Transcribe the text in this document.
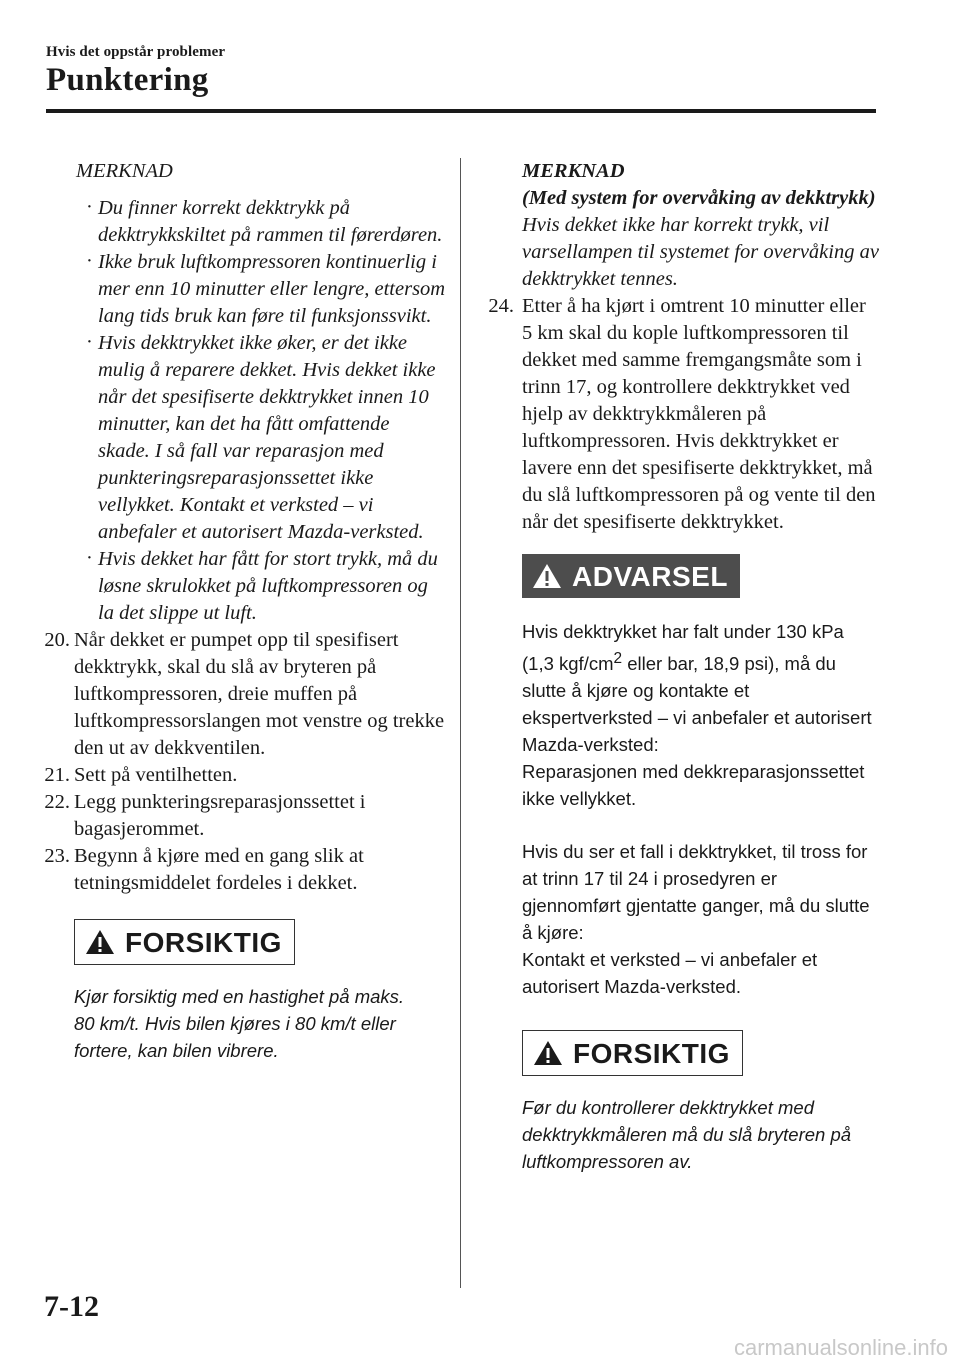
Hvis det oppstår problemer
Punktering
MERKNAD
· Du finner korrekt dekktrykk på dekktrykkskiltet på rammen til førerdøren.
· Ikke bruk luftkompressoren kontinuerlig i mer enn 10 minutter eller lengre, ettersom lang tids bruk kan føre til funksjonssvikt.
· Hvis dekktrykket ikke øker, er det ikke mulig å reparere dekket. Hvis dekket ikke når det spesifiserte dekktrykket innen 10 minutter, kan det ha fått omfattende skade. I så fall var reparasjon med punkteringsreparasjonssettet ikke vellykket. Kontakt et verksted – vi anbefaler et autorisert Mazda-verksted.
· Hvis dekket har fått for stort trykk, må du løsne skrulokket på luftkompressoren og la det slippe ut luft.
20. Når dekket er pumpet opp til spesifisert dekktrykk, skal du slå av bryteren på luftkompressoren, dreie muffen på luftkompressorslangen mot venstre og trekke den ut av dekkventilen.
21. Sett på ventilhetten.
22. Legg punkteringsreparasjonssettet i bagasjerommet.
23. Begynn å kjøre med en gang slik at tetningsmiddelet fordeles i dekket.
FORSIKTIG
Kjør forsiktig med en hastighet på maks. 80 km/t. Hvis bilen kjøres i 80 km/t eller fortere, kan bilen vibrere.
MERKNAD
(Med system for overvåking av dekktrykk)
Hvis dekket ikke har korrekt trykk, vil varsellampen til systemet for overvåking av dekktrykket tennes.
24. Etter å ha kjørt i omtrent 10 minutter eller 5 km skal du kople luftkompressoren til dekket med samme fremgangsmåte som i trinn 17, og kontrollere dekktrykket ved hjelp av dekktrykkmåleren på luftkompressoren. Hvis dekktrykket er lavere enn det spesifiserte dekktrykket, må du slå luftkompressoren på og vente til den når det spesifiserte dekktrykket.
ADVARSEL
Hvis dekktrykket har falt under 130 kPa (1,3 kgf/$cm^2$ eller bar, 18,9 psi), må du slutte å kjøre og kontakte et ekspertverksted – vi anbefaler et autorisert Mazda-verksted:
Reparasjonen med dekkreparasjonssettet ikke vellykket.
Hvis du ser et fall i dekktrykket, til tross for at trinn 17 til 24 i prosedyren er gjennomført gjentatte ganger, må du slutte å kjøre:
Kontakt et verksted – vi anbefaler et autorisert Mazda-verksted.
FORSIKTIG
Før du kontrollerer dekktrykket med dekktrykkmåleren må du slå bryteren på luftkompressoren av.
7-12
carmanualsonline.info
